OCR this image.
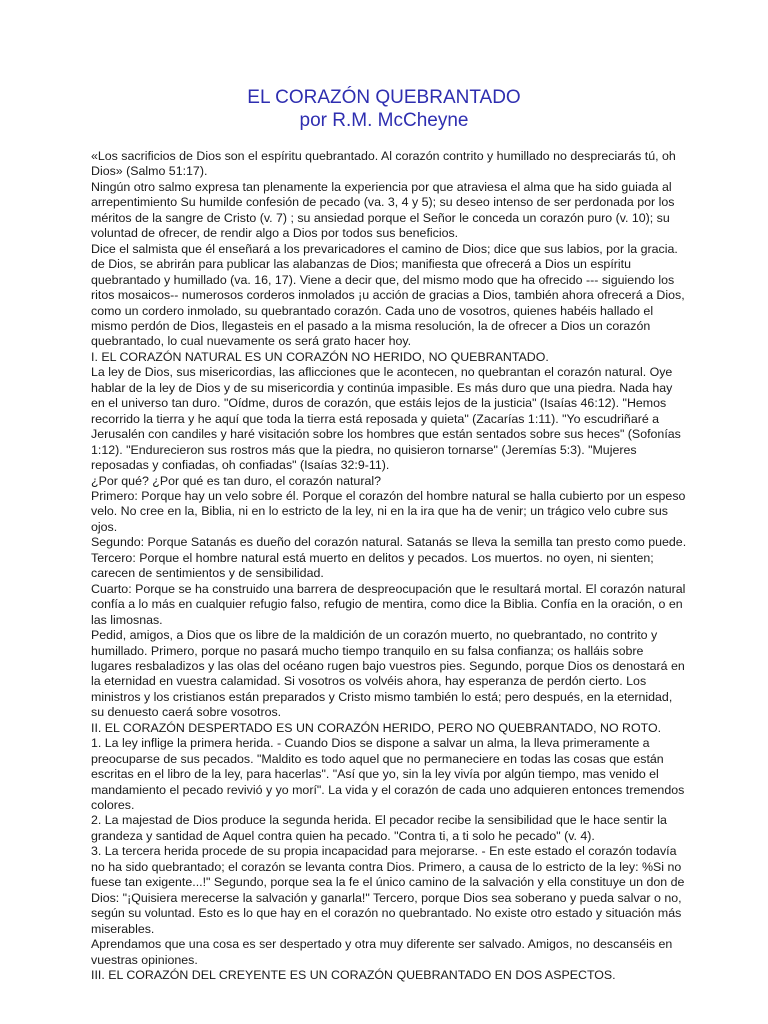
EL CORAZÓN QUEBRANTADO
por R.M. McCheyne

«Los sacrificios de Dios son el espíritu quebrantado. Al corazón contrito y humillado no despreciarás tú, oh Dios» (Salmo 51:17).

Ningún otro salmo expresa tan plenamente la experiencia por que atraviesa el alma que ha sido guiada al arrepentimiento Su humilde confesión de pecado (va. 3, 4 y 5); su deseo intenso de ser perdonada por los méritos de la sangre de Cristo (v. 7) ; su ansiedad porque el Señor le conceda un corazón puro (v. 10); su voluntad de ofrecer, de rendir algo a Dios por todos sus beneficios.

Dice el salmista que él enseñará a los prevaricadores el camino de Dios; dice que sus labios, por la gracia. de Dios, se abrirán para publicar las alabanzas de Dios; manifiesta que ofrecerá a Dios un espíritu quebrantado y humillado (va. 16, 17). Viene a decir que, del mismo modo que ha ofrecido --- siguiendo los ritos mosaicos-- numerosos corderos inmolados ¡u acción de gracias a Dios, también ahora ofrecerá a Dios, como un cordero inmolado, su quebrantado corazón. Cada uno de vosotros, quienes habéis hallado el mismo perdón de Dios, llegasteis en el pasado a la misma resolución, la de ofrecer a Dios un corazón quebrantado, lo cual nuevamente os será grato hacer hoy.

I. EL CORAZÓN NATURAL ES UN CORAZÓN NO HERIDO, NO QUEBRANTADO.

La ley de Dios, sus misericordias, las aflicciones que le acontecen, no quebrantan el corazón natural. Oye hablar de la ley de Dios y de su misericordia y continúa impasible. Es más duro que una piedra. Nada hay en el universo tan duro. "Oídme, duros de corazón, que estáis lejos de la justicia" (Isaías 46:12). "Hemos recorrido la tierra y he aquí que toda la tierra está reposada y quieta" (Zacarías 1:11). "Yo escudriñaré a Jerusalén con candiles y haré visitación sobre los hombres que están sentados sobre sus heces" (Sofonías 1:12). "Endurecieron sus rostros más que la piedra, no quisieron tornarse" (Jeremías 5:3). "Mujeres reposadas y confiadas, oh confiadas" (Isaías 32:9-11).

¿Por qué? ¿Por qué es tan duro, el corazón natural?

Primero: Porque hay un velo sobre él. Porque el corazón del hombre natural se halla cubierto por un espeso velo. No cree en la, Biblia, ni en lo estricto de la ley, ni en la ira que ha de venir; un trágico velo cubre sus ojos.

Segundo: Porque Satanás es dueño del corazón natural. Satanás se lleva la semilla tan presto como puede.

Tercero: Porque el hombre natural está muerto en delitos y pecados. Los muertos. no oyen, ni sienten; carecen de sentimientos y de sensibilidad.

Cuarto: Porque se ha construido una barrera de despreocupación que le resultará mortal. El corazón natural confía a lo más en cualquier refugio falso, refugio de mentira, como dice la Biblia. Confía en la oración, o en las limosnas.

Pedid, amigos, a Dios que os libre de la maldición de un corazón muerto, no quebrantado, no contrito y humillado. Primero, porque no pasará mucho tiempo tranquilo en su falsa confianza; os halláis sobre lugares resbaladizos y las olas del océano rugen bajo vuestros pies. Segundo, porque Dios os denostará en la eternidad en vuestra calamidad. Si vosotros os volvéis ahora, hay esperanza de perdón cierto. Los ministros y los cristianos están preparados y Cristo mismo también lo está; pero después, en la eternidad, su denuesto caerá sobre vosotros.

II. EL CORAZÓN DESPERTADO ES UN CORAZÓN HERIDO, PERO NO QUEBRANTADO, NO ROTO.

1. La ley inflige la primera herida. - Cuando Dios se dispone a salvar un alma, la lleva primeramente a preocuparse de sus pecados. "Maldito es todo aquel que no permaneciere en todas las cosas que están escritas en el libro de la ley, para hacerlas". "Así que yo, sin la ley vivía por algún tiempo, mas venido el mandamiento el pecado revivió y yo morí". La vida y el corazón de cada uno adquieren entonces tremendos colores.

2. La majestad de Dios produce la segunda herida. El pecador recibe la sensibilidad que le hace sentir la grandeza y santidad de Aquel contra quien ha pecado. "Contra ti, a ti solo he pecado" (v. 4).

3. La tercera herida procede de su propia incapacidad para mejorarse. - En este estado el corazón todavía no ha sido quebrantado; el corazón se levanta contra Dios. Primero, a causa de lo estricto de la ley: %Si no fuese tan exigente...!" Segundo, porque sea la fe el único camino de la salvación y ella constituye un don de Dios: "¡Quisiera merecerse la salvación y ganarla!" Tercero, porque Dios sea soberano y pueda salvar o no, según su voluntad. Esto es lo que hay en el corazón no quebrantado. No existe otro estado y situación más miserables.

Aprendamos que una cosa es ser despertado y otra muy diferente ser salvado. Amigos, no descanséis en vuestras opiniones.

III. EL CORAZÓN DEL CREYENTE ES UN CORAZÓN QUEBRANTADO EN DOS ASPECTOS.
